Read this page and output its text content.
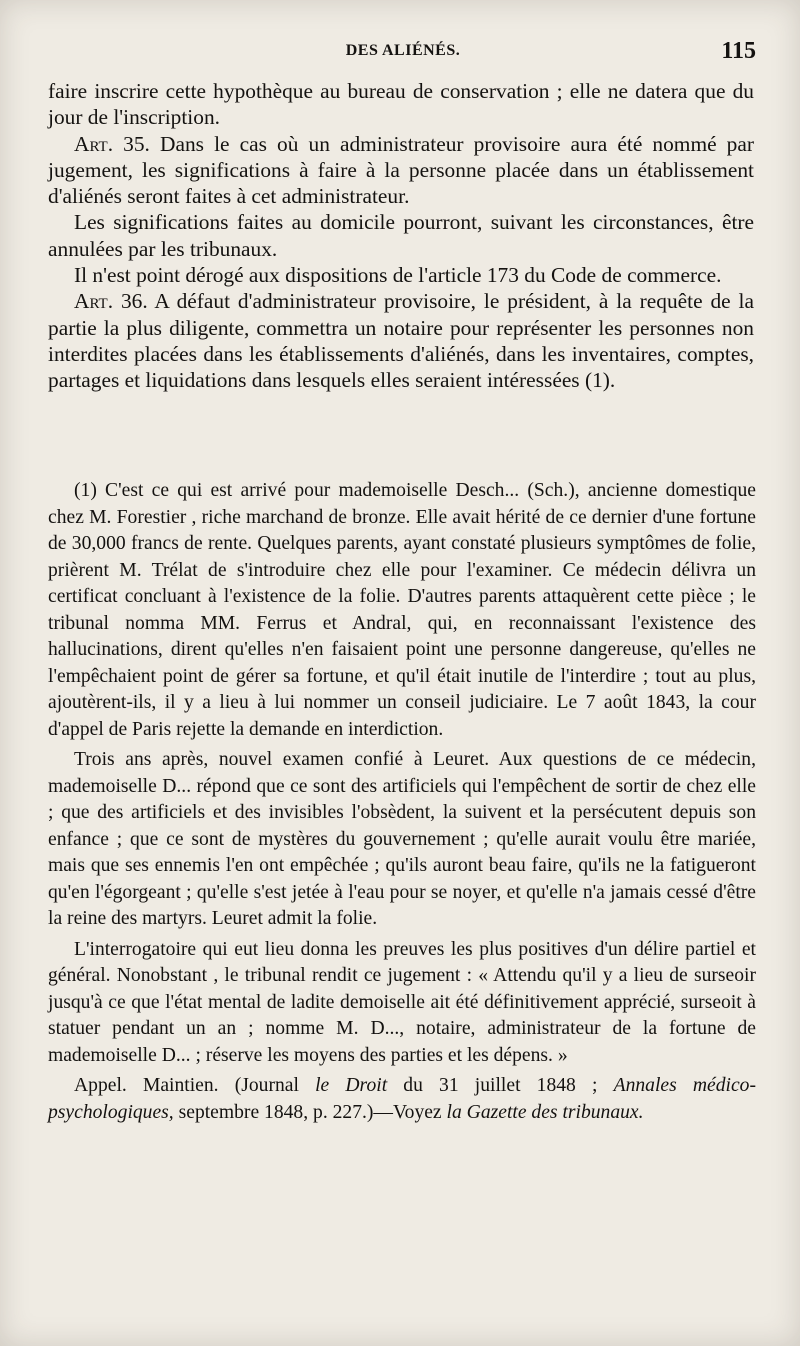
DES ALIÉNÉS.	115

faire inscrire cette hypothèque au bureau de conservation ; elle ne datera que du jour de l'inscription.

Art. 35. Dans le cas où un administrateur provisoire aura été nommé par jugement, les significations à faire à la personne placée dans un établissement d'aliénés seront faites à cet administrateur.

Les significations faites au domicile pourront, suivant les circonstances, être annulées par les tribunaux.

Il n'est point dérogé aux dispositions de l'article 173 du Code de commerce.

Art. 36. A défaut d'administrateur provisoire, le président, à la requête de la partie la plus diligente, commettra un notaire pour représenter les personnes non interdites placées dans les établissements d'aliénés, dans les inventaires, comptes, partages et liquidations dans lesquels elles seraient intéressées (1).

(1) C'est ce qui est arrivé pour mademoiselle Desch... (Sch.), ancienne domestique chez M. Forestier , riche marchand de bronze. Elle avait hérité de ce dernier d'une fortune de 30,000 francs de rente. Quelques parents, ayant constaté plusieurs symptômes de folie, prièrent M. Trélat de s'introduire chez elle pour l'examiner. Ce médecin délivra un certificat concluant à l'existence de la folie. D'autres parents attaquèrent cette pièce ; le tribunal nomma MM. Ferrus et Andral, qui, en reconnaissant l'existence des hallucinations, dirent qu'elles n'en faisaient point une personne dangereuse, qu'elles ne l'empêchaient point de gérer sa fortune, et qu'il était inutile de l'interdire ; tout au plus, ajoutèrent-ils, il y a lieu à lui nommer un conseil judiciaire. Le 7 août 1843, la cour d'appel de Paris rejette la demande en interdiction.

Trois ans après, nouvel examen confié à Leuret. Aux questions de ce médecin, mademoiselle D... répond que ce sont des artificiels qui l'empêchent de sortir de chez elle ; que des artificiels et des invisibles l'obsèdent, la suivent et la persécutent depuis son enfance ; que ce sont de mystères du gouvernement ; qu'elle aurait voulu être mariée, mais que ses ennemis l'en ont empêchée ; qu'ils auront beau faire, qu'ils ne la fatigueront qu'en l'égorgeant ; qu'elle s'est jetée à l'eau pour se noyer, et qu'elle n'a jamais cessé d'être la reine des martyrs. Leuret admit la folie.

L'interrogatoire qui eut lieu donna les preuves les plus positives d'un délire partiel et général. Nonobstant , le tribunal rendit ce jugement : « Attendu qu'il y a lieu de surseoir jusqu'à ce que l'état mental de ladite demoiselle ait été définitivement apprécié, surseoit à statuer pendant un an ; nomme M. D..., notaire, administrateur de la fortune de mademoiselle D... ; réserve les moyens des parties et les dépens. »

Appel. Maintien. (Journal le Droit du 31 juillet 1848 ; Annales médico-psychologiques, septembre 1848, p. 227.)—Voyez la Gazette des tribunaux.
